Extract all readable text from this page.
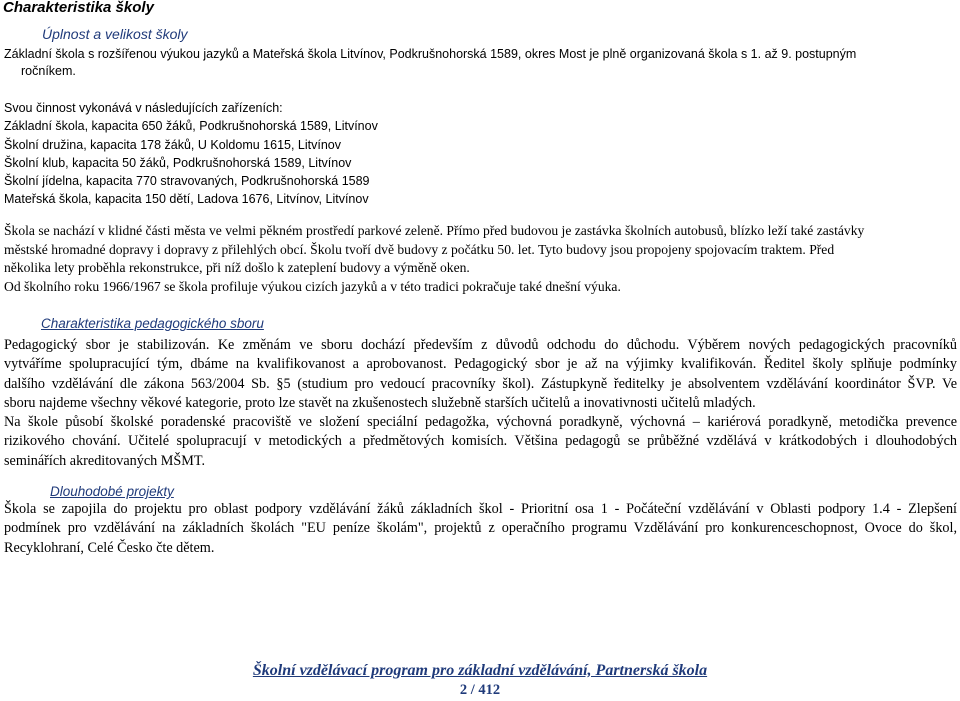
Charakteristika školy
Úplnost a velikost školy
Základní škola s rozšířenou výukou jazyků a Mateřská škola Litvínov, Podkrušnohorská 1589, okres Most je plně organizovaná škola s 1. až 9. postupným
ročníkem.
Svou činnost vykonává v následujících zařízeních:
Základní škola, kapacita 650 žáků, Podkrušnohorská 1589, Litvínov
Školní družina, kapacita 178 žáků, U Koldomu 1615, Litvínov
Školní klub, kapacita 50 žáků, Podkrušnohorská 1589, Litvínov
Školní jídelna, kapacita 770 stravovaných, Podkrušnohorská 1589
Mateřská škola, kapacita 150 dětí, Ladova 1676, Litvínov, Litvínov
Škola se nachází v klidné části města ve velmi pěkném prostředí parkové zeleně. Přímo před budovou je zastávka školních autobusů, blízko leží také zastávky
městské hromadné dopravy i dopravy z přilehlých obcí. Školu tvoří dvě budovy z počátku 50. let. Tyto budovy jsou propojeny spojovacím traktem. Před
několika lety proběhla rekonstrukce, při níž došlo k zateplení budovy a výměně oken.
Od školního roku 1966/1967 se škola profiluje výukou cizích jazyků a v této tradici pokračuje také dnešní výuka.
Charakteristika pedagogického sboru
Pedagogický sbor je stabilizován. Ke změnám ve sboru dochází především z důvodů odchodu do důchodu. Výběrem nových pedagogických pracovníků
vytváříme spolupracující tým, dbáme na kvalifikovanost a aprobovanost. Pedagogický sbor je až na výjimky kvalifikován. Ředitel školy splňuje podmínky
dalšího vzdělávání dle zákona 563/2004 Sb. §5 (studium pro vedoucí pracovníky škol). Zástupkyně ředitelky je absolventem vzdělávání koordinátor ŠVP. Ve
sboru najdeme všechny věkové kategorie, proto lze stavět na zkušenostech služebně starších učitelů a inovativnosti učitelů mladých.
Na škole působí školské poradenské pracoviště ve složení speciální pedagožka, výchovná poradkyně, výchovná – kariérová poradkyně, metodička prevence
rizikového chování. Učitelé spolupracují v metodických a předmětových komisích. Většina pedagogů se průběžné vzdělává v krátkodobých i dlouhodobých
seminářích akreditovaných MŠMT.
Dlouhodobé projekty
Škola se zapojila do projektu pro oblast podpory vzdělávání žáků základních škol - Prioritní osa 1 - Počáteční vzdělávání v Oblasti podpory 1.4 - Zlepšení
podmínek pro vzdělávání na základních školách "EU peníze školám", projektů z operačního programu Vzdělávání pro konkurenceschopnost, Ovoce do škol,
Recyklohraní, Celé Česko čte dětem.
Školní vzdělávací program pro základní vzdělávání, Partnerská škola
2 / 412
